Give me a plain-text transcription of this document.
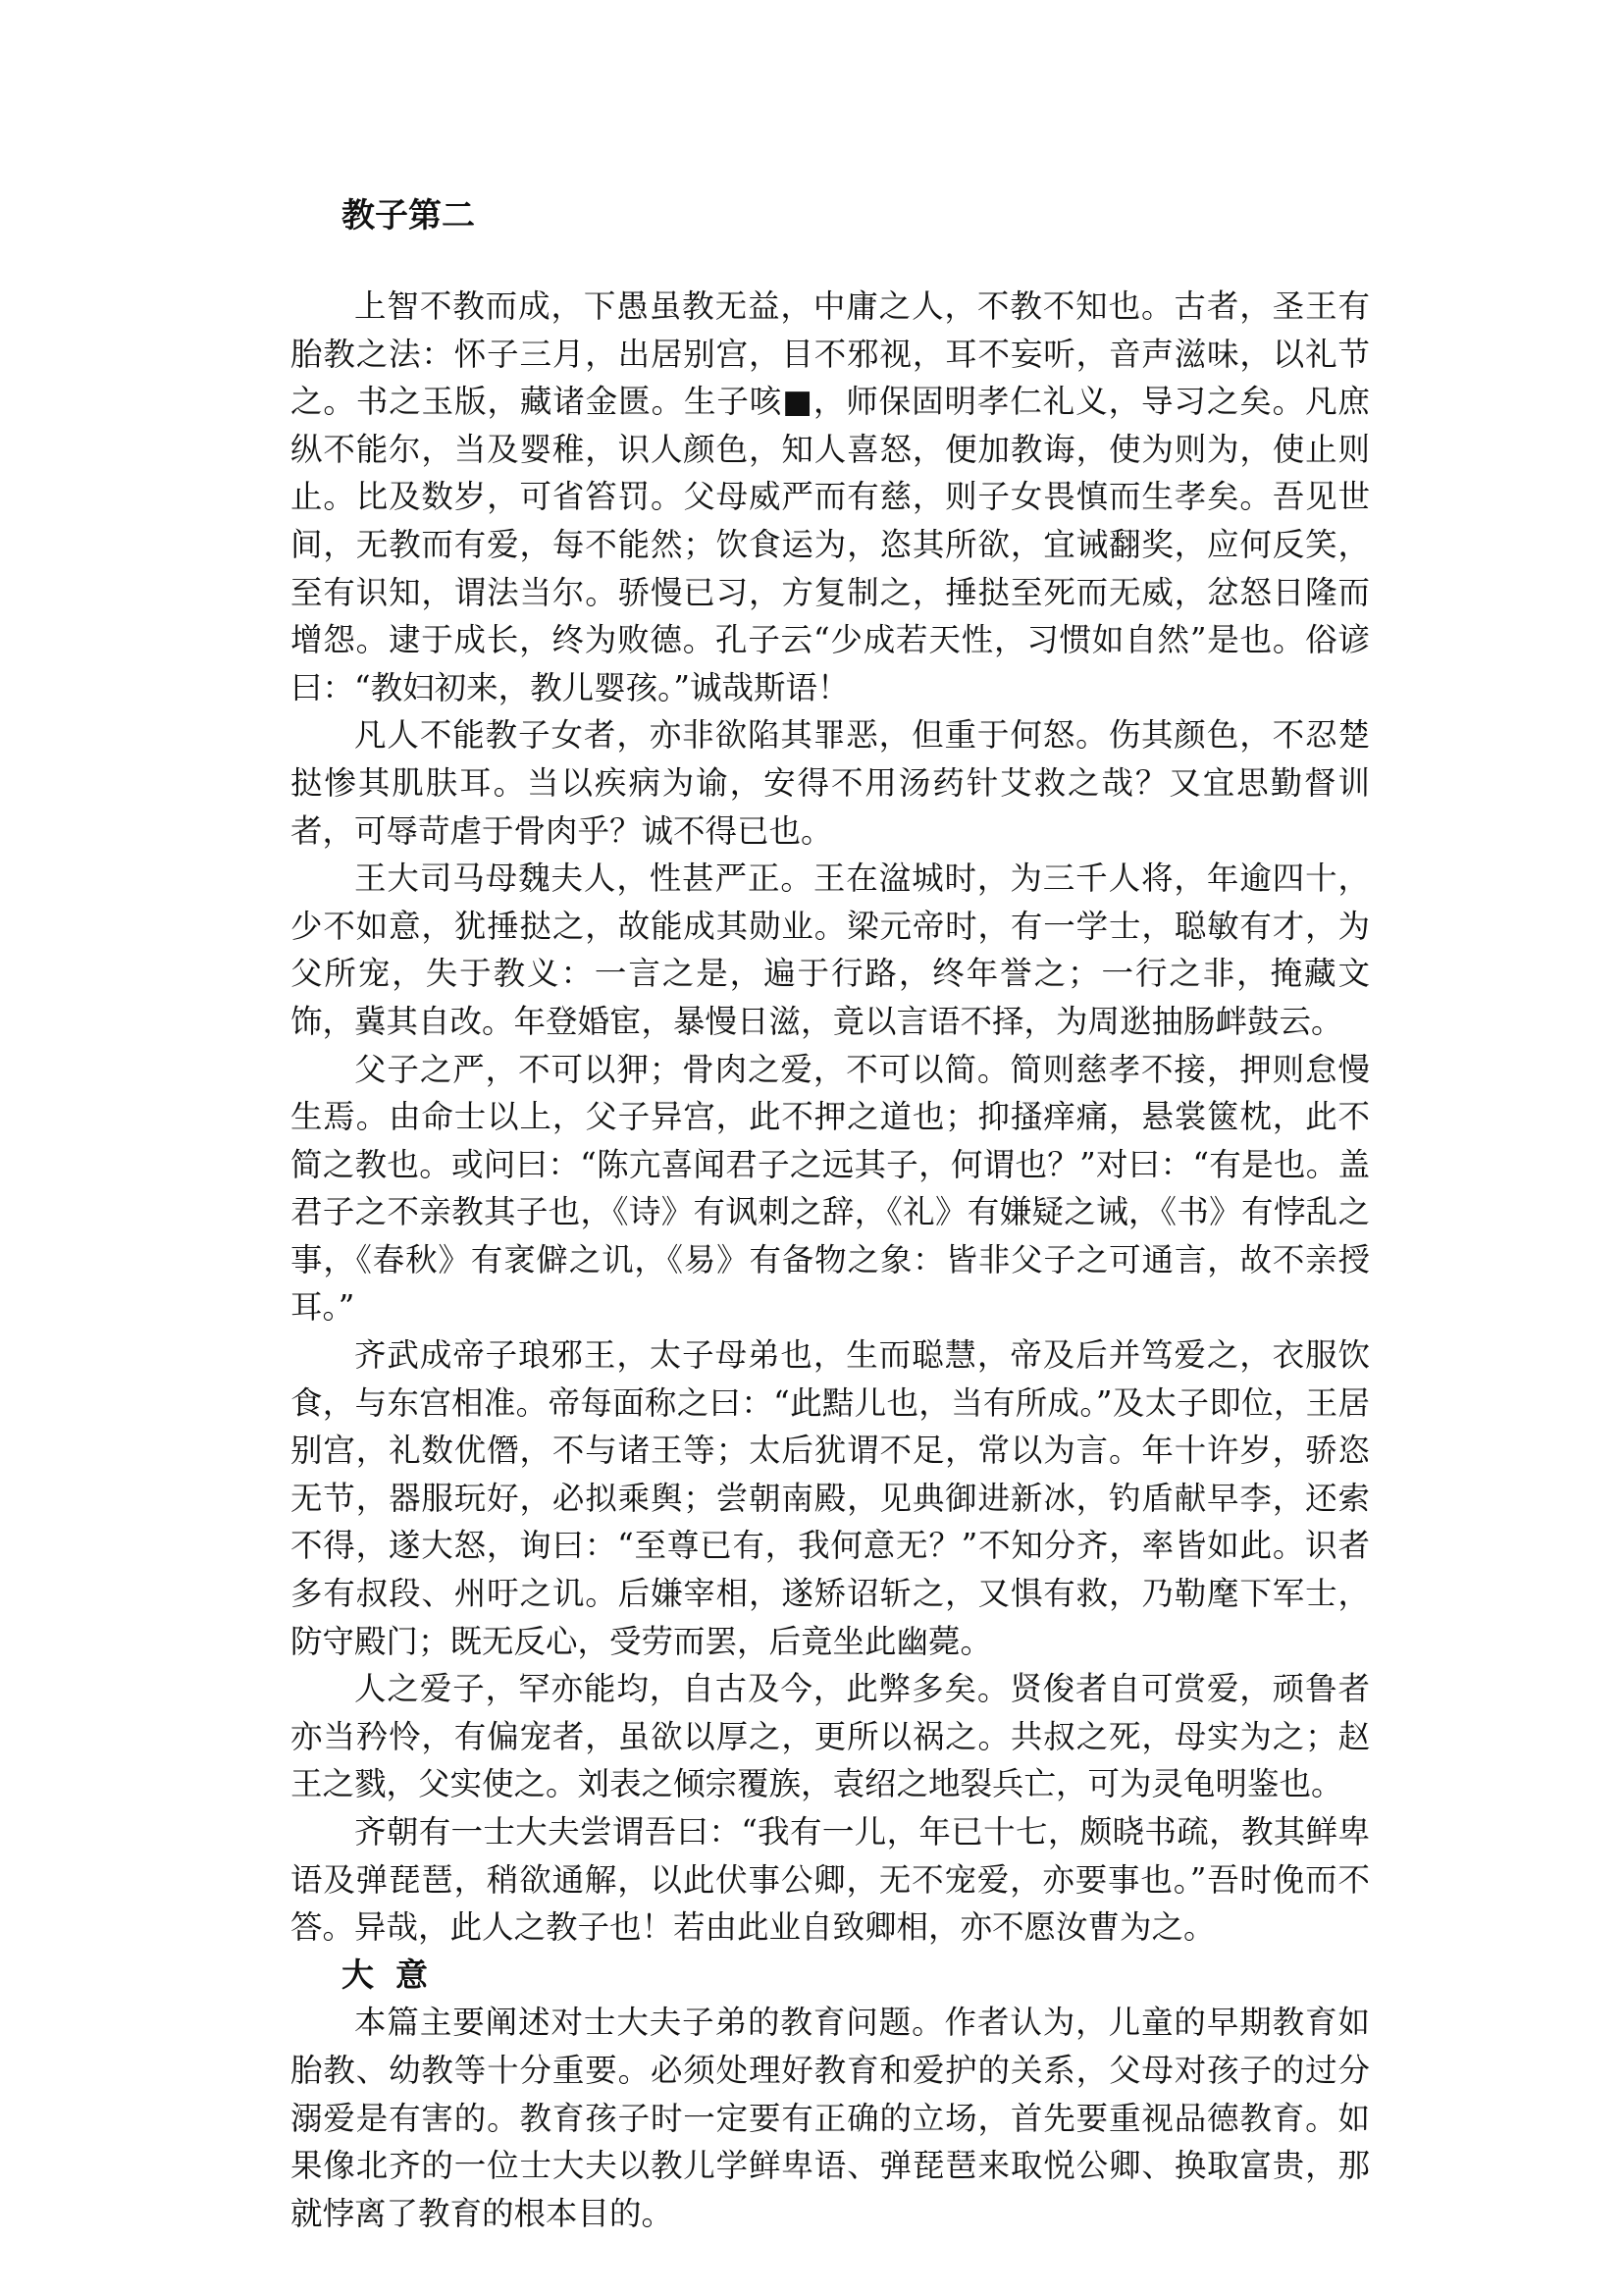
教子第二

上智不教而成，下愚虽教无益，中庸之人，不教不知也。古者，圣王有胎教之法：怀子三月，出居别宫，目不邪视，耳不妄听，音声滋味，以礼节之。书之玉版，藏诸金匮。生子咳■，师保固明孝仁礼义，导习之矣。凡庶纵不能尔，当及婴稚，识人颜色，知人喜怒，便加教诲，使为则为，使止则止。比及数岁，可省笞罚。父母威严而有慈，则子女畏慎而生孝矣。吾见世间，无教而有爱，每不能然；饮食运为，恣其所欲，宜诫翻奖，应何反笑，至有识知，谓法当尔。骄慢已习，方复制之，捶挞至死而无威，忿怒日隆而增怨。逮于成长，终为败德。孔子云“少成若天性，习惯如自然”是也。俗谚曰：“教妇初来，教儿婴孩。”诚哉斯语！

凡人不能教子女者，亦非欲陷其罪恶，但重于何怒。伤其颜色，不忍楚挞惨其肌肤耳。当以疾病为谕，安得不用汤药针艾救之哉？又宜思勤督训者，可辱苛虐于骨肉乎？诚不得已也。

王大司马母魏夫人，性甚严正。王在湓城时，为三千人将，年逾四十，少不如意，犹捶挞之，故能成其勋业。梁元帝时，有一学士，聪敏有才，为父所宠，失于教义：一言之是，遍于行路，终年誉之；一行之非，掩藏文饰，冀其自改。年登婚宦，暴慢日滋，竟以言语不择，为周逖抽肠衅鼓云。

父子之严，不可以狎；骨肉之爱，不可以简。简则慈孝不接，押则怠慢生焉。由命士以上，父子异宫，此不押之道也；抑搔痒痛，悬裳篋枕，此不简之教也。或问曰：“陈亢喜闻君子之远其子，何谓也？”对曰：“有是也。盖君子之不亲教其子也，《诗》有讽刺之辞，《礼》有嫌疑之诫，《书》有悖乱之事，《春秋》有衺僻之讥，《易》有备物之象：皆非父子之可通言，故不亲授耳。”

齐武成帝子琅邪王，太子母弟也，生而聪慧，帝及后并笃爱之，衣服饮食，与东宫相准。帝每面称之曰：“此黠儿也，当有所成。”及太子即位，王居别宫，礼数优僭，不与诸王等；太后犹谓不足，常以为言。年十许岁，骄恣无节，器服玩好，必拟乘舆；尝朝南殿，见典御进新冰，钓盾献早李，还索不得，遂大怒，询曰：“至尊已有，我何意无？”不知分齐，率皆如此。识者多有叔段、州吁之讥。后嫌宰相，遂矫诏斩之，又惧有救，乃勒麾下军士，防守殿门；既无反心，受劳而罢，后竟坐此幽薨。

人之爱子，罕亦能均，自古及今，此弊多矣。贤俊者自可赏爱，顽鲁者亦当矜怜，有偏宠者，虽欲以厚之，更所以祸之。共叔之死，母实为之；赵王之戮，父实使之。刘表之倾宗覆族，袁绍之地裂兵亡，可为灵龟明鉴也。

齐朝有一士大夫尝谓吾曰：“我有一儿，年已十七，颇晓书疏，教其鲜卑语及弹琵琶，稍欲通解，以此伏事公卿，无不宠爱，亦要事也。”吾时俛而不答。异哉，此人之教子也！若由此业自致卿相，亦不愿汝曹为之。

大意

本篇主要阐述对士大夫子弟的教育问题。作者认为，儿童的早期教育如胎教、幼教等十分重要。必须处理好教育和爱护的关系，父母对孩子的过分溺爱是有害的。教育孩子时一定要有正确的立场，首先要重视品德教育。如果像北齐的一位士大夫以教儿学鲜卑语、弹琵琶来取悦公卿、换取富贵，那就悖离了教育的根本目的。
